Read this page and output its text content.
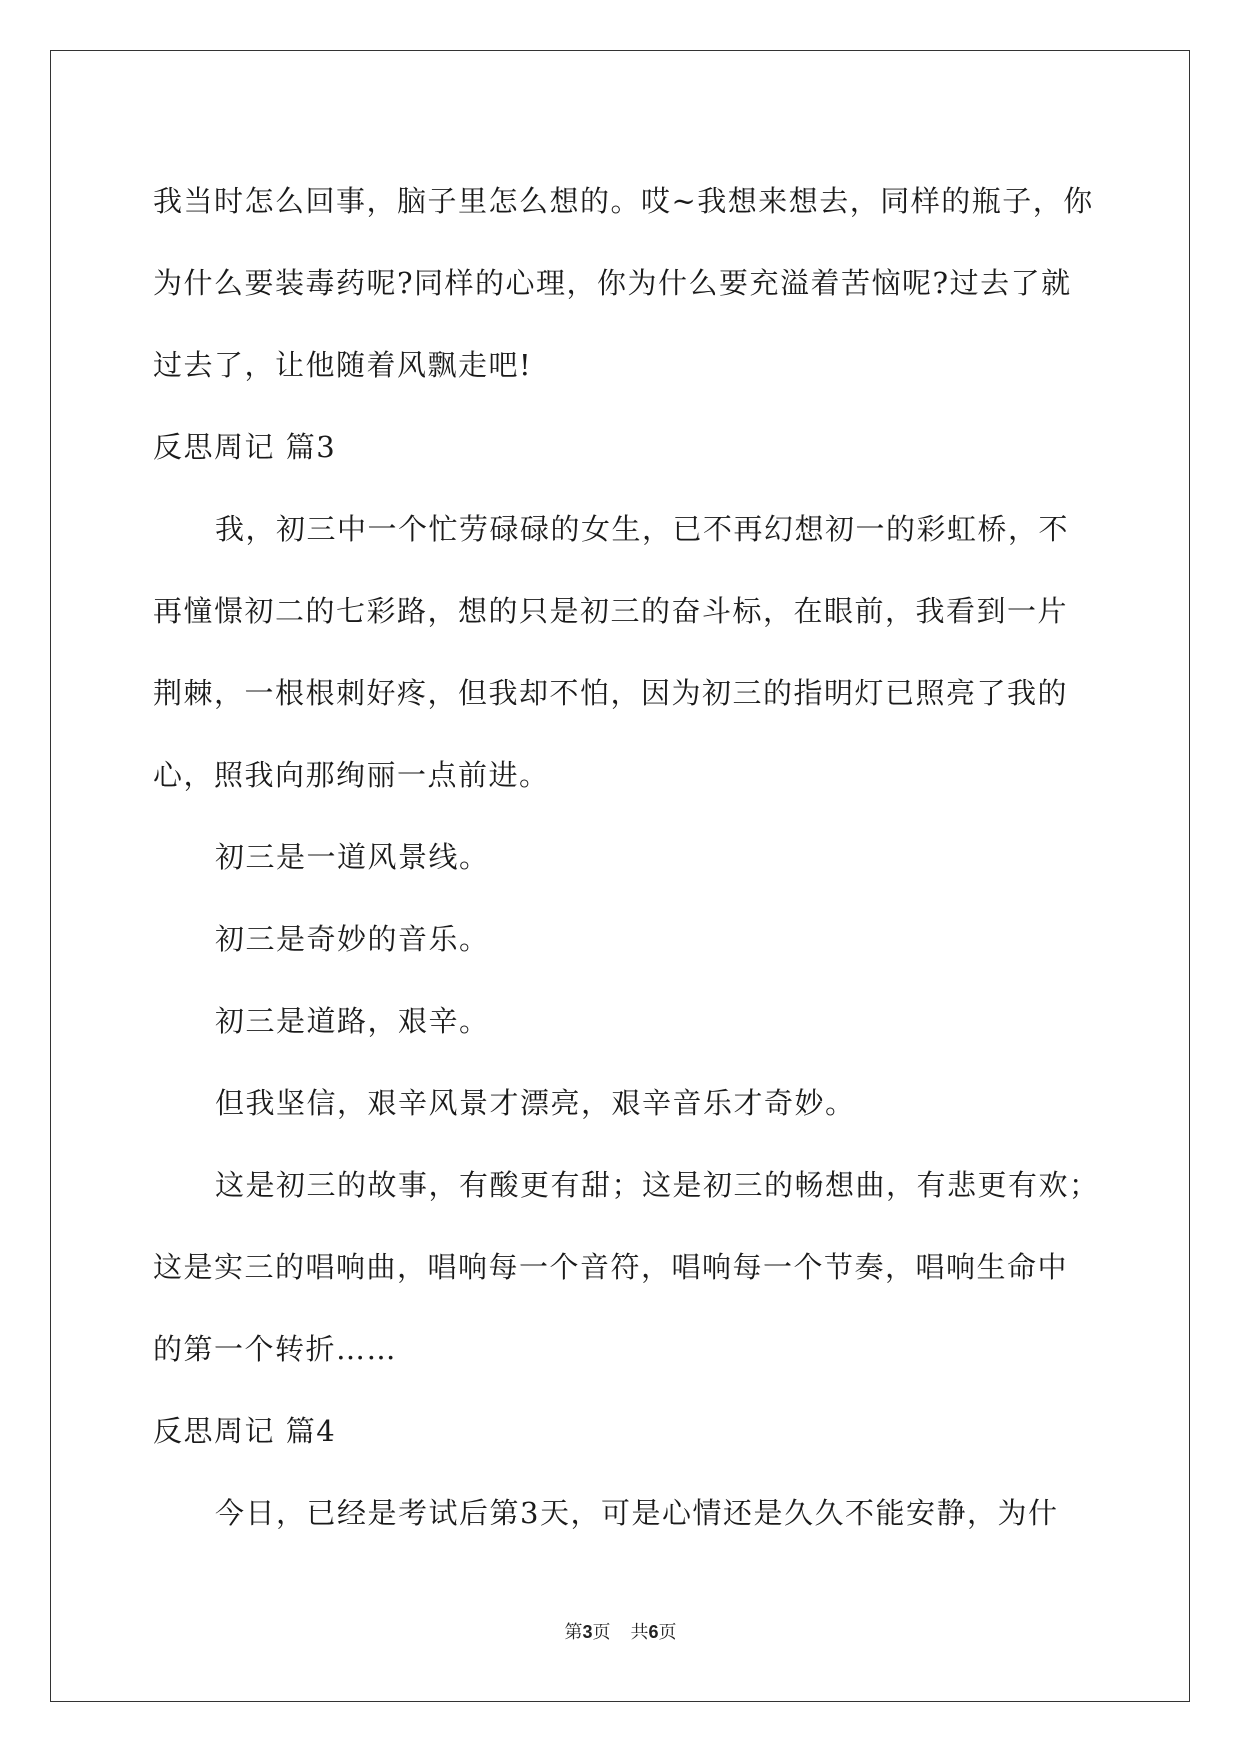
我当时怎么回事，脑子里怎么想的。哎~我想来想去，同样的瓶子，你
为什么要装毒药呢?同样的心理，你为什么要充溢着苦恼呢?过去了就
过去了，让他随着风飘走吧!
反思周记 篇3
我，初三中一个忙劳碌碌的女生，已不再幻想初一的彩虹桥，不
再憧憬初二的七彩路，想的只是初三的奋斗标，在眼前，我看到一片
荆棘，一根根刺好疼，但我却不怕，因为初三的指明灯已照亮了我的
心，照我向那绚丽一点前进。
初三是一道风景线。
初三是奇妙的音乐。
初三是道路，艰辛。
但我坚信，艰辛风景才漂亮，艰辛音乐才奇妙。
这是初三的故事，有酸更有甜；这是初三的畅想曲，有悲更有欢；
这是实三的唱响曲，唱响每一个音符，唱响每一个节奏，唱响生命中
的第一个转折……
反思周记 篇4
今日，已经是考试后第3天，可是心情还是久久不能安静，为什
第3页 共6页
